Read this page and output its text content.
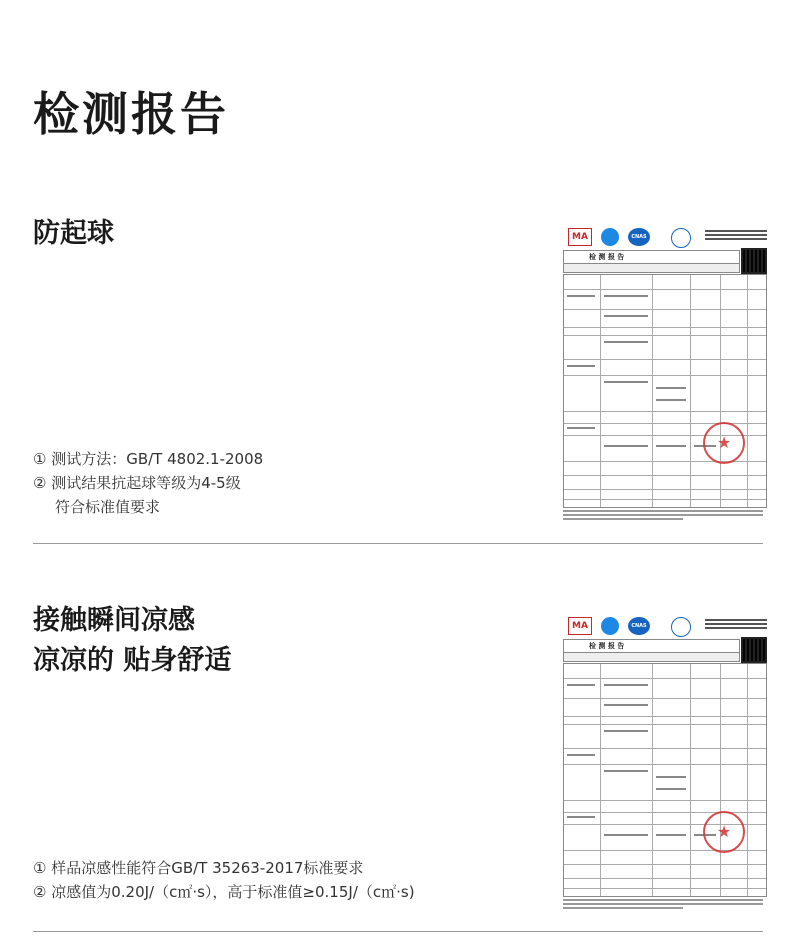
检测报告
防起球
① 测试方法：GB/T 4802.1-2008
② 测试结果抗起球等级为4-5级
符合标准值要求
MA	CNAS
检 测 报 告
★
接触瞬间凉感
凉凉的 贴身舒适
① 样品凉感性能符合GB/T 35263-2017标准要求
② 凉感值为0.20J/（c㎡·s），高于标准值≥0.15J/（c㎡·s)
MA	CNAS
检 测 报 告
★
